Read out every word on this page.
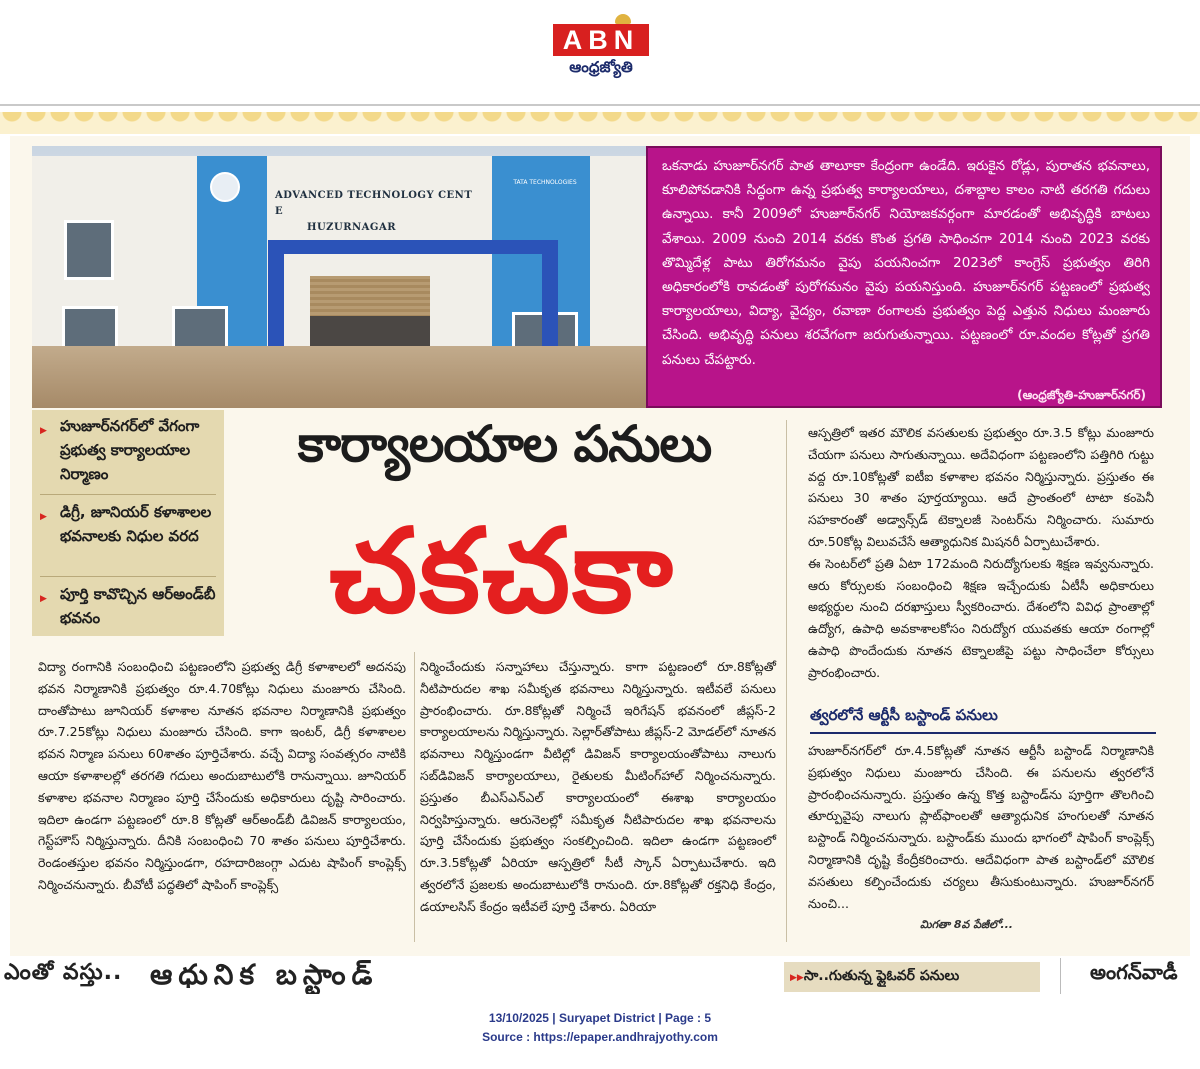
ABN
ఆంధ్రజ్యోతి
ADVANCED TECHNOLOGY CENT E
HUZURNAGAR
TATA TECHNOLOGIES
ఒకనాడు హుజూర్‌నగర్ పాత తాలూకా కేంద్రంగా ఉండేది. ఇరుకైన రోడ్లు, పురాతన భవనాలు, కూలిపోవడానికి సిద్ధంగా ఉన్న ప్రభుత్వ కార్యాలయాలు, దశాబ్దాల కాలం నాటి తరగతి గదులు ఉన్నాయి. కానీ 2009లో హుజూర్‌నగర్ నియోజకవర్గంగా మారడంతో అభివృద్ధికి బాటలు వేశాయి. 2009 నుంచి 2014 వరకు కొంత ప్రగతి సాధించగా 2014 నుంచి 2023 వరకు తొమ్మిదేళ్ల పాటు తిరోగమనం వైపు పయనించగా 2023లో కాంగ్రెస్ ప్రభుత్వం తిరిగి అధికారంలోకి రావడంతో పురోగమనం వైపు పయనిస్తుంది. హుజూర్‌నగర్ పట్టణంలో ప్రభుత్వ కార్యాలయాలు, విద్యా, వైద్యం, రవాణా రంగాలకు ప్రభుత్వం పెద్ద ఎత్తున నిధులు మంజూరు చేసింది. అభివృద్ధి పనులు శరవేగంగా జరుగుతున్నాయి. పట్టణంలో రూ.వందల కోట్లతో ప్రగతి పనులు చేపట్టారు.
(ఆంధ్రజ్యోతి-హుజూర్‌నగర్)
▶ హుజూర్‌నగర్‌లో వేగంగా ప్రభుత్వ కార్యాలయాల నిర్మాణం
▶ డిగ్రీ, జూనియర్ కళాశాలల భవనాలకు నిధుల వరద
▶ పూర్తి కావొచ్చిన ఆర్‌అండ్‌బీ భవనం
కార్యాలయాల పనులు
చకచకా
విద్యా రంగానికి సంబంధించి పట్టణంలోని ప్రభుత్వ డిగ్రీ కళాశాలలో అదనపు భవన నిర్మాణానికి ప్రభుత్వం రూ.4.70కోట్లు నిధులు మంజూరు చేసింది. దాంతోపాటు జూనియర్ కళాశాల నూతన భవనాల నిర్మాణానికి ప్రభుత్వం రూ.7.25కోట్లు నిధులు మంజూరు చేసింది. కాగా ఇంటర్, డిగ్రీ కళాశాలల భవన నిర్మాణ పనులు 60శాతం పూర్తిచేశారు. వచ్చే విద్యా సంవత్సరం నాటికి ఆయా కళాశాలల్లో తరగతి గదులు అందుబాటులోకి రానున్నాయి. జూనియర్ కళాశాల భవనాల నిర్మాణం పూర్తి చేసేందుకు అధికారులు దృష్టి సారించారు. ఇదిలా ఉండగా పట్టణంలో రూ.8 కోట్లతో ఆర్‌అండ్‌బీ డివిజన్ కార్యాలయం, గెస్ట్‌హౌస్ నిర్మిస్తున్నారు. దీనికి సంబంధించి 70 శాతం పనులు పూర్తిచేశారు. రెండంతస్తుల భవనం నిర్మిస్తుండగా, రహదారిజంగ్గా ఎదుట షాపింగ్ కాంప్లెక్స్ నిర్మించనున్నారు. బీవోటీ పద్ధతిలో షాపింగ్ కాంప్లెక్స్
నిర్మించేందుకు సన్నాహాలు చేస్తున్నారు. కాగా పట్టణంలో రూ.8కోట్లతో నీటిపారుదల శాఖ సమీకృత భవనాలు నిర్మిస్తున్నారు. ఇటీవలే పనులు ప్రారంభించారు. రూ.8కోట్లతో నిర్మించే ఇరిగేషన్ భవనంలో జీప్లస్-2 కార్యాలయాలను నిర్మిస్తున్నారు. సెల్లార్‌తోపాటు జీప్లస్-2 మోడల్‌లో నూతన భవనాలు నిర్మిస్తుండగా వీటిల్లో డివిజన్ కార్యాలయంతోపాటు నాలుగు సబ్‌డివిజన్ కార్యాలయాలు, రైతులకు మీటింగ్‌హాల్ నిర్మించనున్నారు. ప్రస్తుతం బీఎస్ఎన్ఎల్ కార్యాలయంలో ఈశాఖ కార్యాలయం నిర్వహిస్తున్నారు. ఆరునెలల్లో సమీకృత నీటిపారుదల శాఖ భవనాలను పూర్తి చేసేందుకు ప్రభుత్వం సంకల్పించింది. ఇదిలా ఉండగా పట్టణంలో రూ.3.5కోట్లతో ఏరియా ఆస్పత్రిలో సీటీ స్కాన్ ఏర్పాటుచేశారు. ఇది త్వరలోనే ప్రజలకు అందుబాటులోకి రానుంది. రూ.8కోట్లతో రక్తనిధి కేంద్రం, డయాలసిస్ కేంద్రం ఇటీవలే పూర్తి చేశారు. ఏరియా
ఆస్పత్రిలో ఇతర మౌలిక వసతులకు ప్రభుత్వం రూ.3.5 కోట్లు మంజూరు చేయగా పనులు సాగుతున్నాయి. అదేవిధంగా పట్టణంలోని పత్తిగిరి గుట్టు వద్ద రూ.10కోట్లతో ఐటీఐ కళాశాల భవనం నిర్మిస్తున్నారు. ప్రస్తుతం ఈ పనులు 30 శాతం పూర్తయ్యాయి. ఆదే ప్రాంతంలో టాటా కంపెనీ సహకారంతో అడ్వాన్స్‌డ్ టెక్నాలజీ సెంటర్‌ను నిర్మించారు. సుమారు రూ.50కోట్ల విలువచేసే ఆత్యాధునిక మిషనరీ ఏర్పాటుచేశారు.
ఈ సెంటర్‌లో ప్రతి ఏటా 172మంది నిరుద్యోగులకు శిక్షణ ఇవ్వనున్నారు. ఆరు కోర్సులకు సంబంధించి శిక్షణ ఇచ్చేందుకు ఏటీసీ అధికారులు అభ్యర్థుల నుంచి దరఖాస్తులు స్వీకరించారు. దేశంలోని వివిధ ప్రాంతాల్లో ఉద్యోగ, ఉపాధి అవకాశాలకోసం నిరుద్యోగ యువతకు ఆయా రంగాల్లో ఉపాధి పొందేందుకు నూతన టెక్నాలజీపై పట్టు సాధించేలా కోర్సులు ప్రారంభించారు.
త్వరలోనే ఆర్టీసీ బస్టాండ్ పనులు
హుజూర్‌నగర్‌లో రూ.4.5కోట్లతో నూతన ఆర్టీసీ బస్టాండ్ నిర్మాణానికి ప్రభుత్వం నిధులు మంజూరు చేసింది. ఈ పనులను త్వరలోనే ప్రారంభించనున్నారు. ప్రస్తుతం ఉన్న కొత్త బస్టాండ్‌ను పూర్తిగా తొలగించి తూర్పువైపు నాలుగు ప్లాట్‌ఫాంలతో ఆత్యాధునిక హంగులతో నూతన బస్టాండ్ నిర్మించనున్నారు. బస్టాండ్‌కు ముందు భాగంలో షాపింగ్ కాంప్లెక్స్ నిర్మాణానికి దృష్టి కేంద్రీకరించారు. ఆదేవిధంగా పాత బస్టాండ్‌లో మౌలిక వసతులు కల్పించేందుకు చర్యలు తీసుకుంటున్నారు. హుజూర్‌నగర్ నుంచి...
మిగతా 8వ పేజీలో...
ఎంతో వస్తు.. ఆధునిక బస్టాండ్
▶▶	సా..గుతున్న ఫ్లైఓవర్ పనులు	అంగన్‌వాడీ
13/10/2025 | Suryapet District | Page : 5
Source : https://epaper.andhrajyothy.com
